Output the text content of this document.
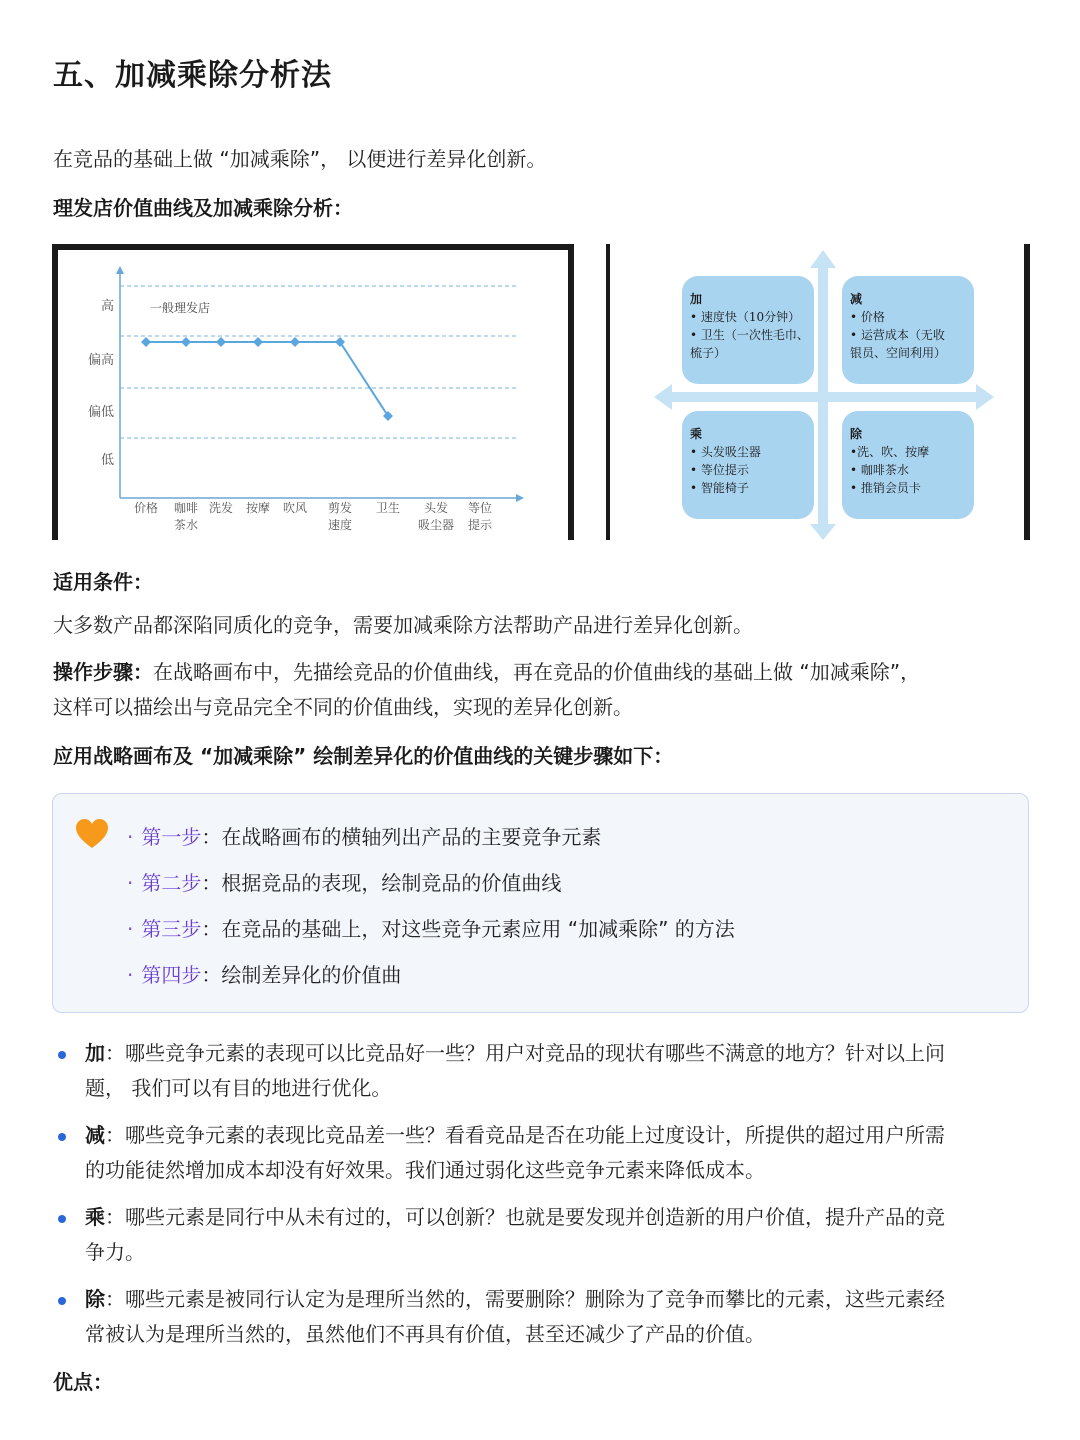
五、加减乘除分析法
在竞品的基础上做 “加减乘除”， 以便进行差异化创新。
理发店价值曲线及加减乘除分析：
高
偏高
偏低
低
一般理发店
价格 咖啡
茶水
洗发 按摩 吹风 剪发
速度
卫生 头发
吸尘器
等位
提示
加
• 速度快（10分钟）
• 卫生（一次性毛巾、
梳子）
减
• 价格
• 运营成本（无收
银员、空间利用）
乘
• 头发吸尘器
• 等位提示
• 智能椅子
除
•洗、吹、按摩
• 咖啡茶水
• 推销会员卡
适用条件：
大多数产品都深陷同质化的竞争，需要加减乘除方法帮助产品进行差异化创新。
操作步骤：在战略画布中，先描绘竞品的价值曲线，再在竞品的价值曲线的基础上做 “加减乘除”，
这样可以描绘出与竞品完全不同的价值曲线，实现的差异化创新。
应用战略画布及 “加减乘除” 绘制差异化的价值曲线的关键步骤如下：
· 第一步：在战略画布的横轴列出产品的主要竞争元素
· 第二步：根据竞品的表现，绘制竞品的价值曲线
· 第三步：在竞品的基础上，对这些竞争元素应用 “加减乘除” 的方法
· 第四步：绘制差异化的价值曲
加：哪些竞争元素的表现可以比竞品好一些？用户对竞品的现状有哪些不满意的地方？针对以上问
题， 我们可以有目的地进行优化。
减：哪些竞争元素的表现比竞品差一些？看看竞品是否在功能上过度设计，所提供的超过用户所需
的功能徒然增加成本却没有好效果。我们通过弱化这些竞争元素来降低成本。
乘：哪些元素是同行中从未有过的，可以创新？也就是要发现并创造新的用户价值，提升产品的竞
争力。
除：哪些元素是被同行认定为是理所当然的，需要删除？删除为了竞争而攀比的元素，这些元素经
常被认为是理所当然的，虽然他们不再具有价值，甚至还减少了产品的价值。
优点：
